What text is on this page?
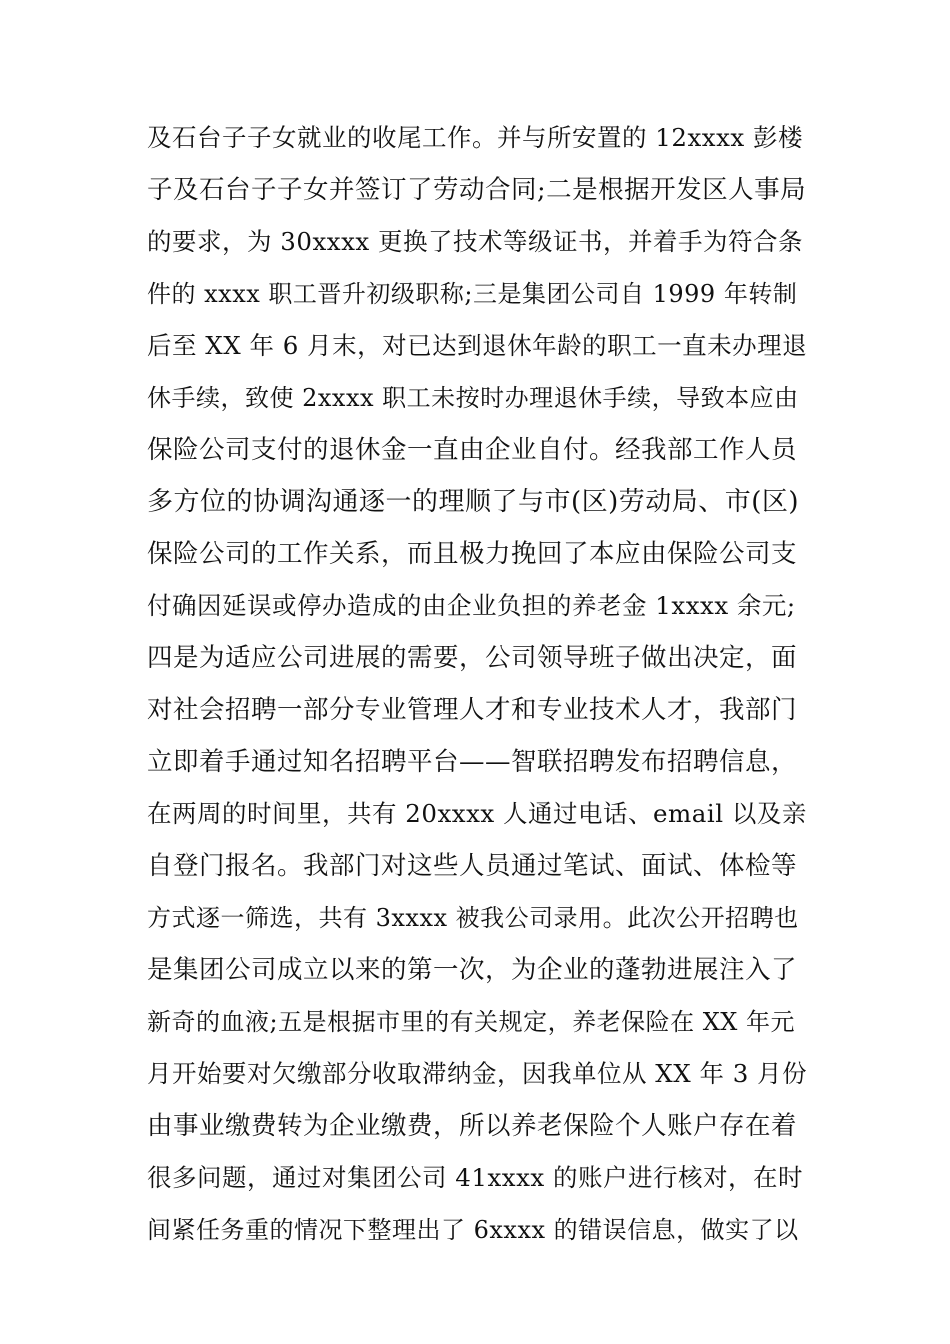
及石台子子女就业的收尾工作。并与所安置的 12xxxx 彭楼
子及石台子子女并签订了劳动合同;二是根据开发区人事局
的要求，为 30xxxx 更换了技术等级证书，并着手为符合条
件的 xxxx 职工晋升初级职称;三是集团公司自 1999 年转制
后至 XX 年 6 月末，对已达到退休年龄的职工一直未办理退
休手续，致使 2xxxx 职工未按时办理退休手续，导致本应由
保险公司支付的退休金一直由企业自付。经我部工作人员
多方位的协调沟通逐一的理顺了与市(区)劳动局、市(区)
保险公司的工作关系，而且极力挽回了本应由保险公司支
付确因延误或停办造成的由企业负担的养老金 1xxxx 余元;
四是为适应公司进展的需要，公司领导班子做出决定，面
对社会招聘一部分专业管理人才和专业技术人才，我部门
立即着手通过知名招聘平台——智联招聘发布招聘信息，
在两周的时间里，共有 20xxxx 人通过电话、email 以及亲
自登门报名。我部门对这些人员通过笔试、面试、体检等
方式逐一筛选，共有 3xxxx 被我公司录用。此次公开招聘也
是集团公司成立以来的第一次，为企业的蓬勃进展注入了
新奇的血液;五是根据市里的有关规定，养老保险在 XX 年元
月开始要对欠缴部分收取滞纳金，因我单位从 XX 年 3 月份
由事业缴费转为企业缴费，所以养老保险个人账户存在着
很多问题，通过对集团公司 41xxxx 的账户进行核对，在时
间紧任务重的情况下整理出了 6xxxx 的错误信息，做实了以
